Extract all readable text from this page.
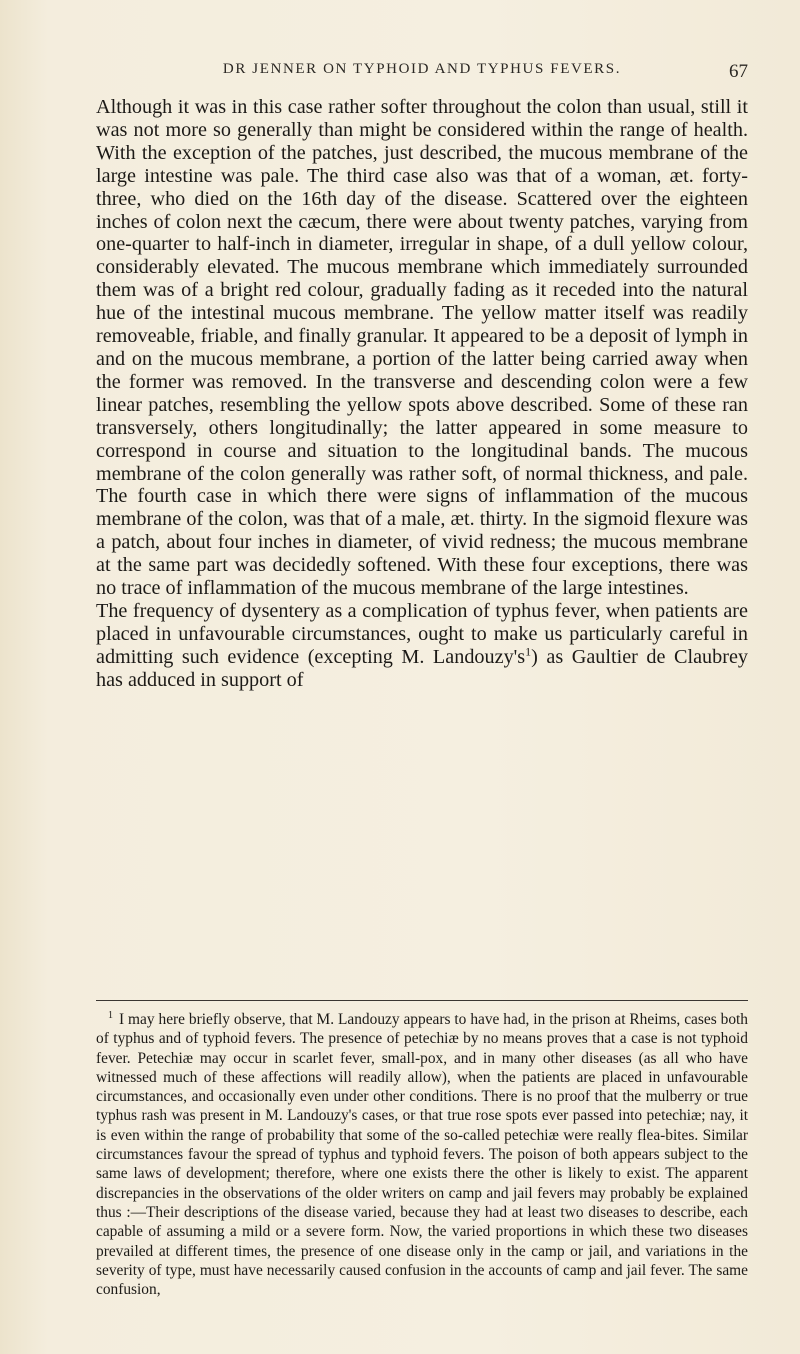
DR JENNER ON TYPHOID AND TYPHUS FEVERS.	67

Although it was in this case rather softer throughout the colon than usual, still it was not more so generally than might be considered within the range of health. With the exception of the patches, just described, the mucous membrane of the large intestine was pale. The third case also was that of a woman, æt. forty-three, who died on the 16th day of the disease. Scattered over the eighteen inches of colon next the cæcum, there were about twenty patches, varying from one-quarter to half-inch in diameter, irregular in shape, of a dull yellow colour, considerably elevated. The mucous membrane which immediately surrounded them was of a bright red colour, gradually fading as it receded into the natural hue of the intestinal mucous membrane. The yellow matter itself was readily removeable, friable, and finally granular. It appeared to be a deposit of lymph in and on the mucous membrane, a portion of the latter being carried away when the former was removed. In the transverse and descending colon were a few linear patches, resembling the yellow spots above described. Some of these ran transversely, others longitudinally; the latter appeared in some measure to correspond in course and situation to the longitudinal bands. The mucous membrane of the colon generally was rather soft, of normal thickness, and pale. The fourth case in which there were signs of inflammation of the mucous membrane of the colon, was that of a male, æt. thirty. In the sigmoid flexure was a patch, about four inches in diameter, of vivid redness; the mucous membrane at the same part was decidedly softened. With these four exceptions, there was no trace of inflammation of the mucous membrane of the large intestines.

The frequency of dysentery as a complication of typhus fever, when patients are placed in unfavourable circumstances, ought to make us particularly careful in admitting such evidence (excepting M. Landouzy's$^1$) as Gaultier de Claubrey has adduced in support of

$^1$ I may here briefly observe, that M. Landouzy appears to have had, in the prison at Rheims, cases both of typhus and of typhoid fevers. The presence of petechiæ by no means proves that a case is not typhoid fever. Petechiæ may occur in scarlet fever, small-pox, and in many other diseases (as all who have witnessed much of these affections will readily allow), when the patients are placed in unfavourable circumstances, and occasionally even under other conditions. There is no proof that the mulberry or true typhus rash was present in M. Landouzy's cases, or that true rose spots ever passed into petechiæ; nay, it is even within the range of probability that some of the so-called petechiæ were really flea-bites. Similar circumstances favour the spread of typhus and typhoid fevers. The poison of both appears subject to the same laws of development; therefore, where one exists there the other is likely to exist. The apparent discrepancies in the observations of the older writers on camp and jail fevers may probably be explained thus :—Their descriptions of the disease varied, because they had at least two diseases to describe, each capable of assuming a mild or a severe form. Now, the varied proportions in which these two diseases prevailed at different times, the presence of one disease only in the camp or jail, and variations in the severity of type, must have necessarily caused confusion in the accounts of camp and jail fever. The same confusion,
